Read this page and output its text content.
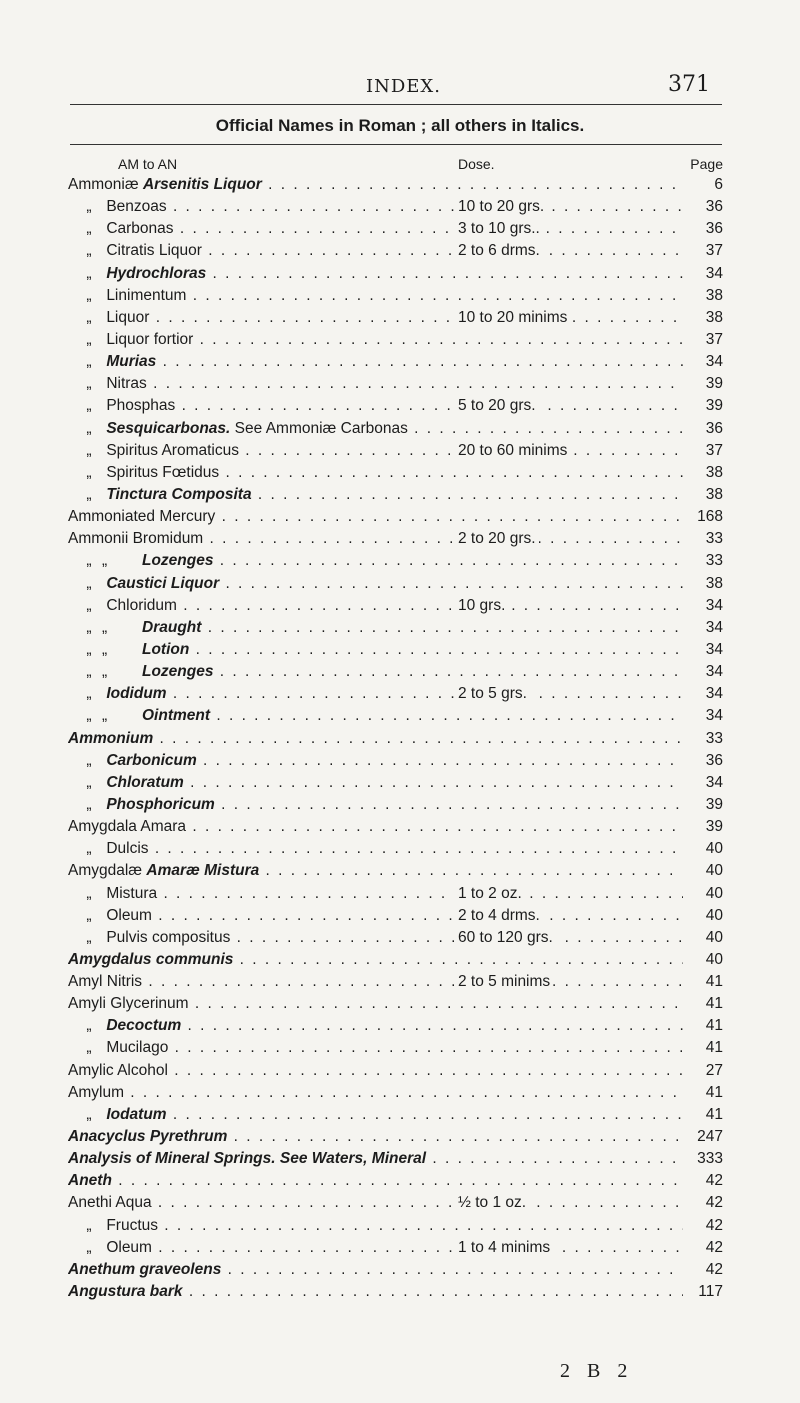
INDEX.	371
Official Names in Roman ; all others in Italics.
AM to AN	Dose.	Page
Ammoniæ Arsenitis Liquor . . .	6
„ Benzoas . . .	10 to 20 grs.	36
„ Carbonas . . .	3 to 10 grs..	36
„ Citratis Liquor . . .	2 to 6 drms.	37
„ Hydrochloras . . .	34
„ Linimentum . . .	38
„ Liquor . . .	10 to 20 minims	38
„ Liquor fortior . . .	37
„ Murias . . .	34
„ Nitras . . .	39
„ Phosphas . . .	5 to 20 grs.	39
„ Sesquicarbonas. See Ammoniæ Carbonas . . .	36
„ Spiritus Aromaticus . . .	20 to 60 minims	37
„ Spiritus Fœtidus . . .	38
„ Tinctura Composita . . .	38
Ammoniated Mercury . . .	168
Ammonii Bromidum . . .	2 to 20 grs.	33
„ „ Lozenges . . .	33
„ Caustici Liquor . . .	38
„ Chloridum . . .	10 grs.	34
„ „ Draught . . .	34
„ „ Lotion . . .	34
„ „ Lozenges . . .	34
„ Iodidum . . .	2 to 5 grs.	34
„ „ Ointment . . .	34
Ammonium . . .	33
„ Carbonicum . . .	36
„ Chloratum . . .	34
„ Phosphoricum . . .	39
Amygdala Amara . . .	39
„ Dulcis . . .	40
Amygdalæ Amaræ Mistura . . .	40
„ Mistura . . .	1 to 2 oz.	40
„ Oleum . . .	2 to 4 drms.	40
„ Pulvis compositus . . .	60 to 120 grs.	40
Amygdalus communis . . .	40
Amyl Nitris . . .	2 to 5 minims	41
Amyli Glycerinum . . .	41
„ Decoctum . . .	41
„ Mucilago . . .	41
Amylic Alcohol . . .	27
Amylum . . .	41
„ Iodatum . . .	41
Anacyclus Pyrethrum . . .	247
Analysis of Mineral Springs. See Waters, Mineral . . .	333
Aneth . . .	42
Anethi Aqua . . .	½ to 1 oz.	42
„ Fructus . . .	42
„ Oleum . . .	1 to 4 minims	42
Anethum graveolens . . .	42
Angustura bark . . .	117
2 B 2
